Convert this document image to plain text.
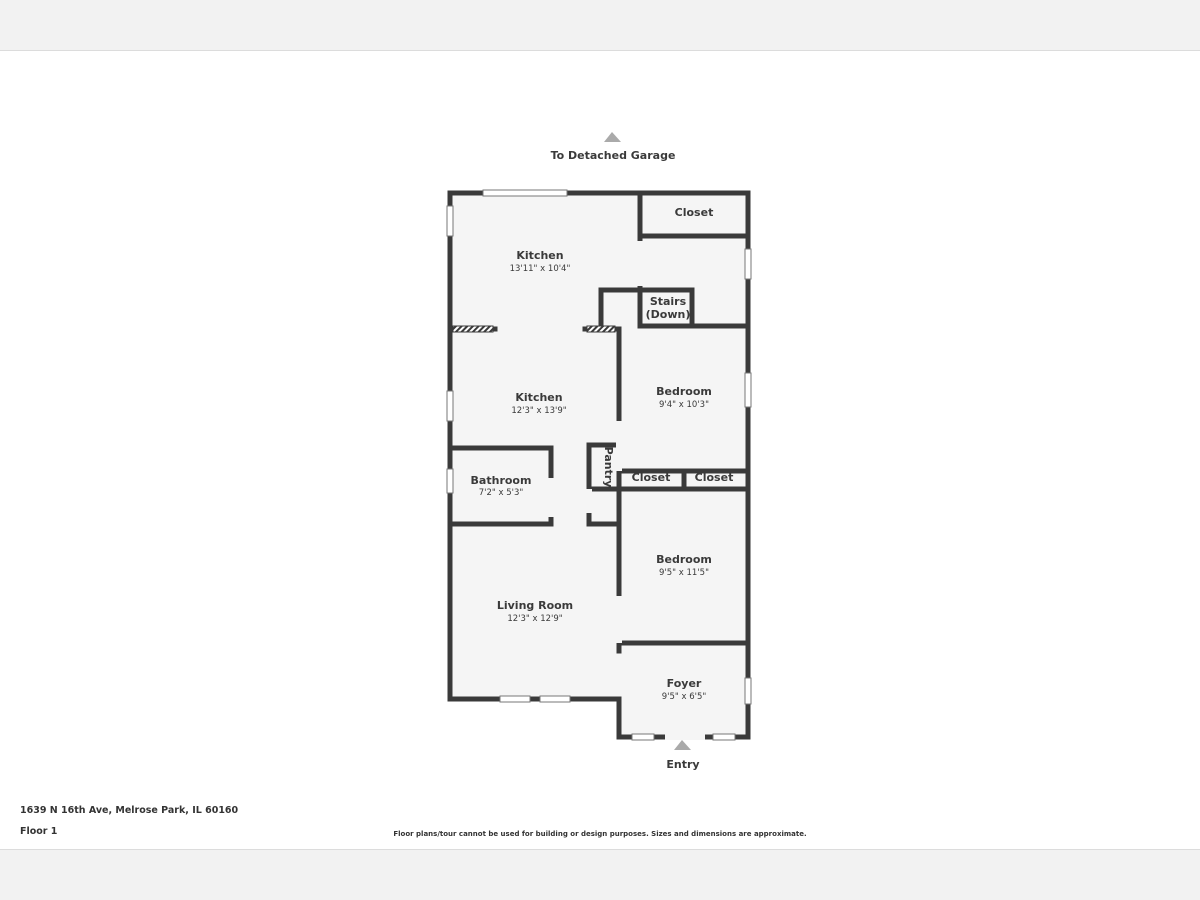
To Detached Garage
Entry
Kitchen
13'11" x 10'4"
Closet
Stairs
(Down)
Kitchen
12'3" x 13'9"
Bedroom
9'4" x 10'3"
Pantry Closet Closet
Bathroom
7'2" x 5'3"
Bedroom
9'5" x 11'5"
Living Room
12'3" x 12'9"
Foyer
9'5" x 6'5"
1639 N 16th Ave, Melrose Park, IL 60160
Floor 1	Floor plans/tour cannot be used for building or design purposes. Sizes and dimensions are approximate.
